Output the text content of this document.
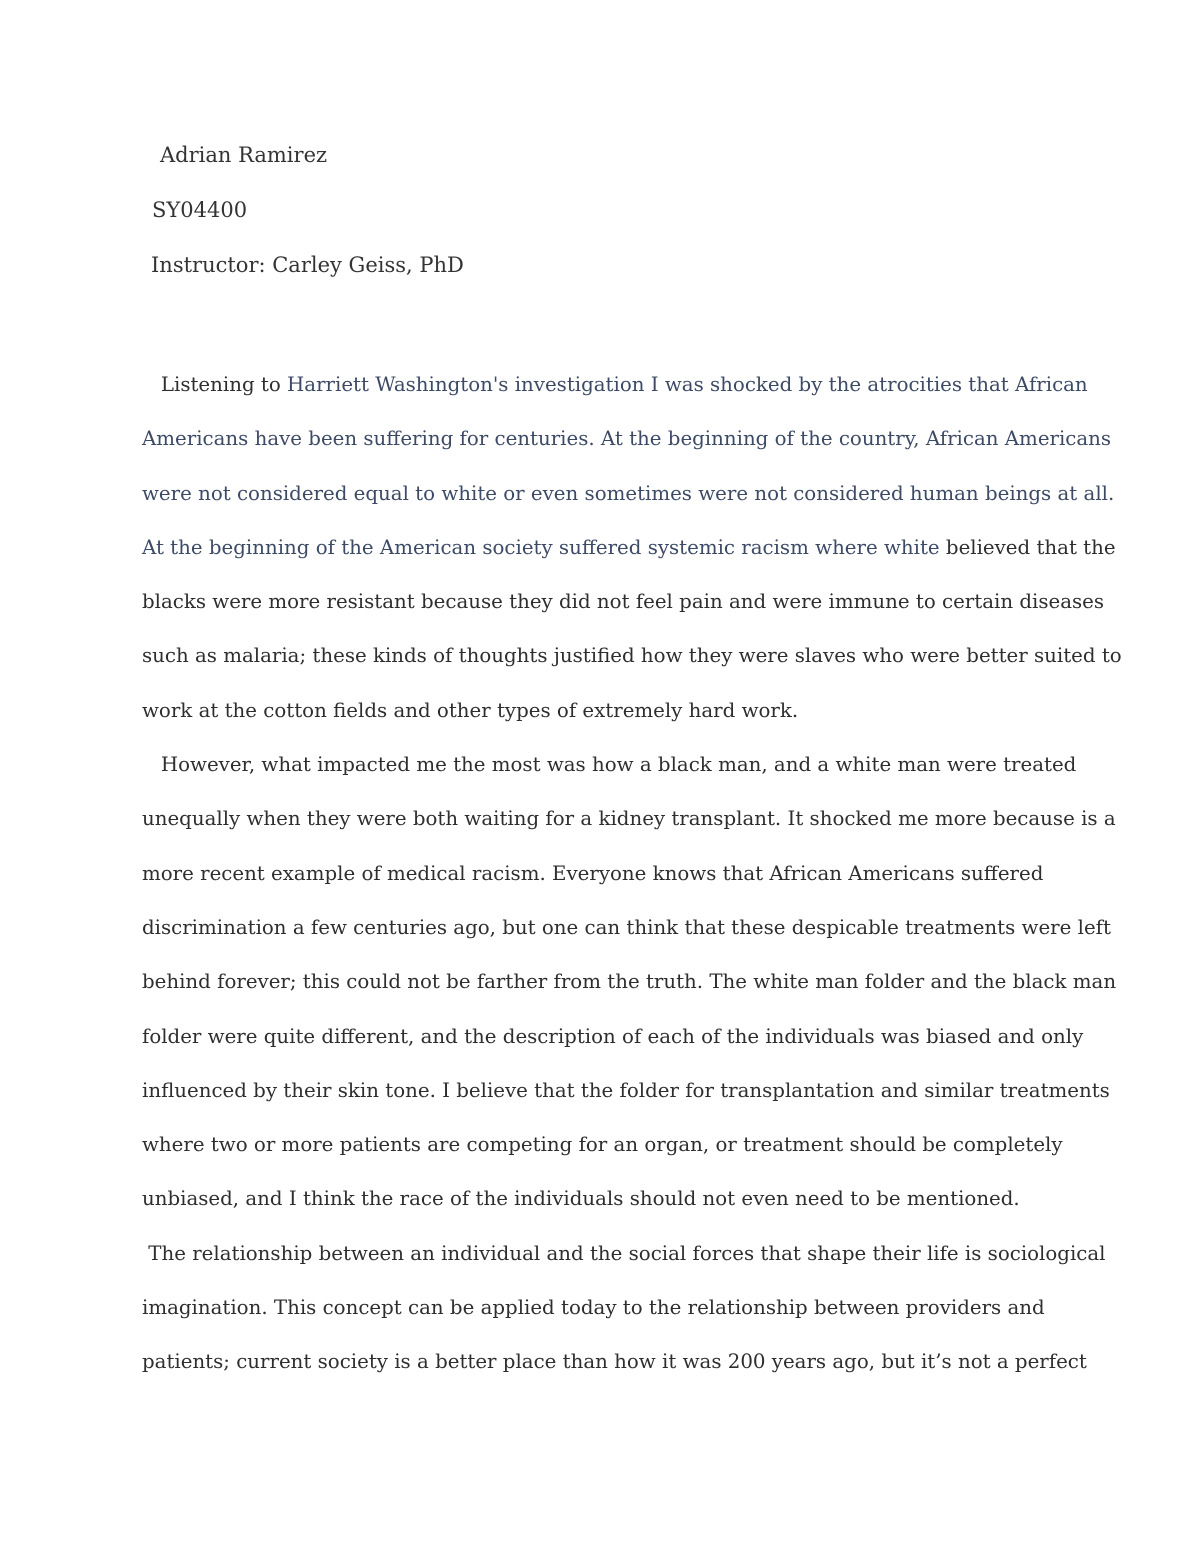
Adrian Ramirez

SY04400

Instructor: Carley Geiss, PhD

Listening to Harriett Washington's investigation I was shocked by the atrocities that African
Americans have been suffering for centuries. At the beginning of the country, African Americans
were not considered equal to white or even sometimes were not considered human beings at all.
At the beginning of the American society suffered systemic racism where white believed that the
blacks were more resistant because they did not feel pain and were immune to certain diseases
such as malaria; these kinds of thoughts justified how they were slaves who were better suited to
work at the cotton fields and other types of extremely hard work.
However, what impacted me the most was how a black man, and a white man were treated
unequally when they were both waiting for a kidney transplant. It shocked me more because is a
more recent example of medical racism. Everyone knows that African Americans suffered
discrimination a few centuries ago, but one can think that these despicable treatments were left
behind forever; this could not be farther from the truth. The white man folder and the black man
folder were quite different, and the description of each of the individuals was biased and only
influenced by their skin tone. I believe that the folder for transplantation and similar treatments
where two or more patients are competing for an organ, or treatment should be completely
unbiased, and I think the race of the individuals should not even need to be mentioned.
The relationship between an individual and the social forces that shape their life is sociological
imagination. This concept can be applied today to the relationship between providers and
patients; current society is a better place than how it was 200 years ago, but it’s not a perfect
